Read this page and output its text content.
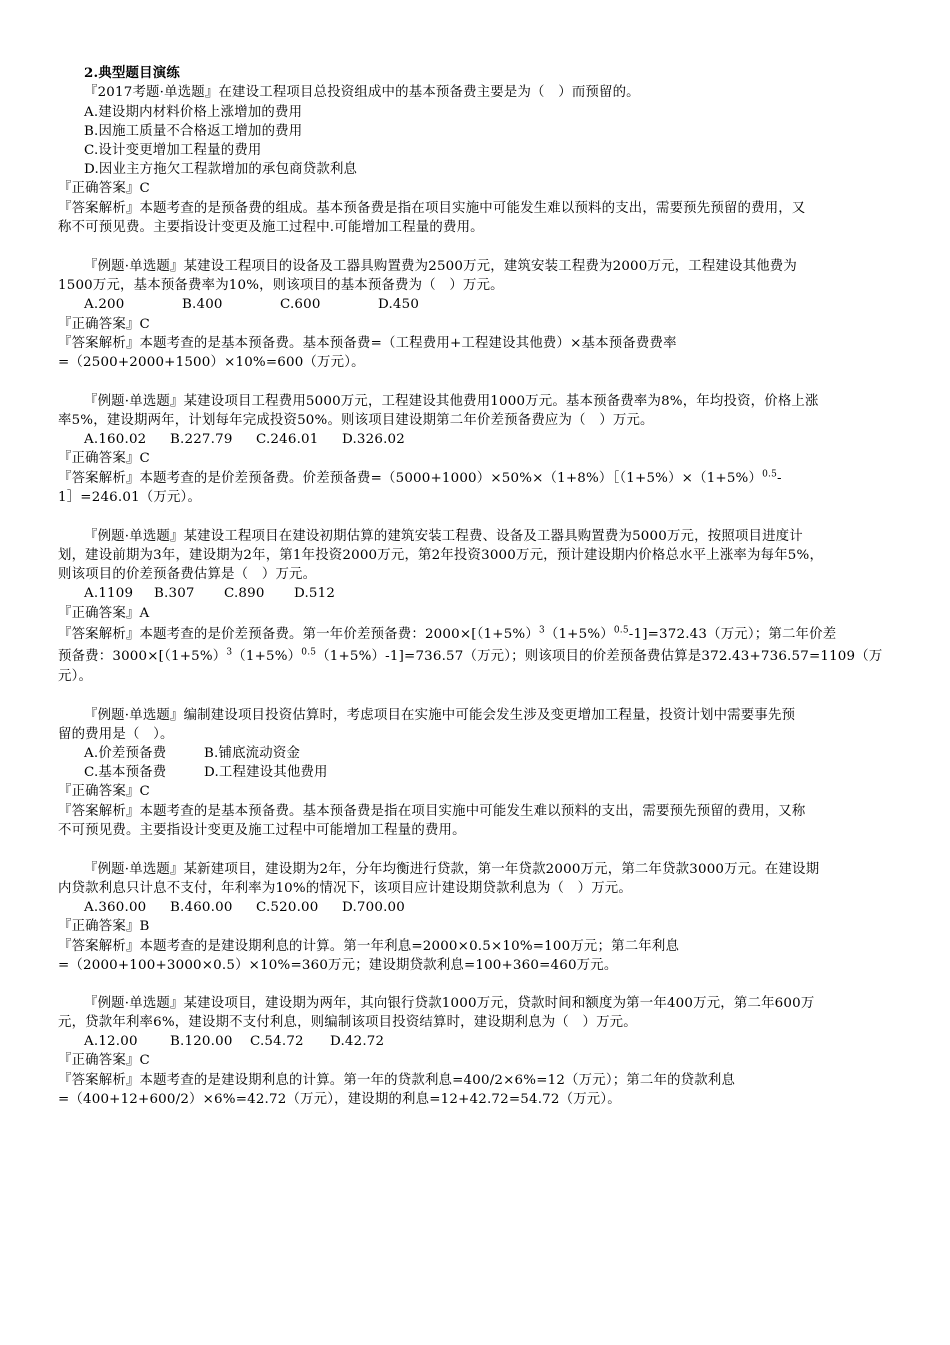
2.典型题目演练
『2017考题·单选题』在建设工程项目总投资组成中的基本预备费主要是为（　）而预留的。
A.建设期内材料价格上涨增加的费用
B.因施工质量不合格返工增加的费用
C.设计变更增加工程量的费用
D.因业主方拖欠工程款增加的承包商贷款利息
『正确答案』C
『答案解析』本题考查的是预备费的组成。基本预备费是指在项目实施中可能发生难以预料的支出，需要预先预留的费用，又
称不可预见费。主要指设计变更及施工过程中.可能增加工程量的费用。
『例题·单选题』某建设工程项目的设备及工器具购置费为2500万元，建筑安装工程费为2000万元，工程建设其他费为
1500万元，基本预备费率为10%，则该项目的基本预备费为（　）万元。
A.200	B.400	C.600	D.450
『正确答案』C
『答案解析』本题考查的是基本预备费。基本预备费=（工程费用+工程建设其他费）×基本预备费费率
=（2500+2000+1500）×10%=600（万元）。
『例题·单选题』某建设项目工程费用5000万元，工程建设其他费用1000万元。基本预备费率为8%，年均投资，价格上涨
率5%，建设期两年，计划每年完成投资50%。则该项目建设期第二年价差预备费应为（　）万元。
A.160.02 B.227.79 C.246.01 D.326.02
『正确答案』C
『答案解析』本题考查的是价差预备费。价差预备费$=(5000+1000)\times 50\%\times(1+8\%)[(1+5\%)\times(1+5\%)^{0.5}-$
1］=246.01（万元）。
『例题·单选题』某建设工程项目在建设初期估算的建筑安装工程费、设备及工器具购置费为5000万元，按照项目进度计
划，建设前期为3年，建设期为2年，第1年投资2000万元，第2年投资3000万元，预计建设期内价格总水平上涨率为每年5%，
则该项目的价差预备费估算是（　）万元。
A.1109 B.307 C.890 D.512
『正确答案』A
『答案解析』本题考查的是价差预备费。第一年价差预备费：$2000\times[(1+5\%)^3(1+5\%)^{0.5}-1]=372.43$（万元）；第二年价差
预备费：$3000\times[(1+5\%)^3(1+5\%)^{0.5}(1+5\%)-1]=736.57$（万元）；则该项目的价差预备费估算是372.43+736.57=1109（万
元）。
『例题·单选题』编制建设项目投资估算时，考虑项目在实施中可能会发生涉及变更增加工程量，投资计划中需要事先预
留的费用是（　）。
A.价差预备费	B.铺底流动资金
C.基本预备费	D.工程建设其他费用
『正确答案』C
『答案解析』本题考查的是基本预备费。基本预备费是指在项目实施中可能发生难以预料的支出，需要预先预留的费用，又称
不可预见费。主要指设计变更及施工过程中可能增加工程量的费用。
『例题·单选题』某新建项目，建设期为2年，分年均衡进行贷款，第一年贷款2000万元，第二年贷款3000万元。在建设期
内贷款利息只计息不支付，年利率为10%的情况下，该项目应计建设期贷款利息为（　）万元。
A.360.00 B.460.00 C.520.00 D.700.00
『正确答案』B
『答案解析』本题考查的是建设期利息的计算。第一年利息=2000×0.5×10%=100万元；第二年利息
=（2000+100+3000×0.5）×10%=360万元；建设期贷款利息=100+360=460万元。
『例题·单选题』某建设项目，建设期为两年，其向银行贷款1000万元，贷款时间和额度为第一年400万元，第二年600万
元，贷款年利率6%，建设期不支付利息，则编制该项目投资结算时，建设期利息为（　）万元。
A.12.00 B.120.00 C.54.72 D.42.72
『正确答案』C
『答案解析』本题考查的是建设期利息的计算。第一年的贷款利息=400/2×6%=12（万元）；第二年的贷款利息
=（400+12+600/2）×6%=42.72（万元），建设期的利息=12+42.72=54.72（万元）。
